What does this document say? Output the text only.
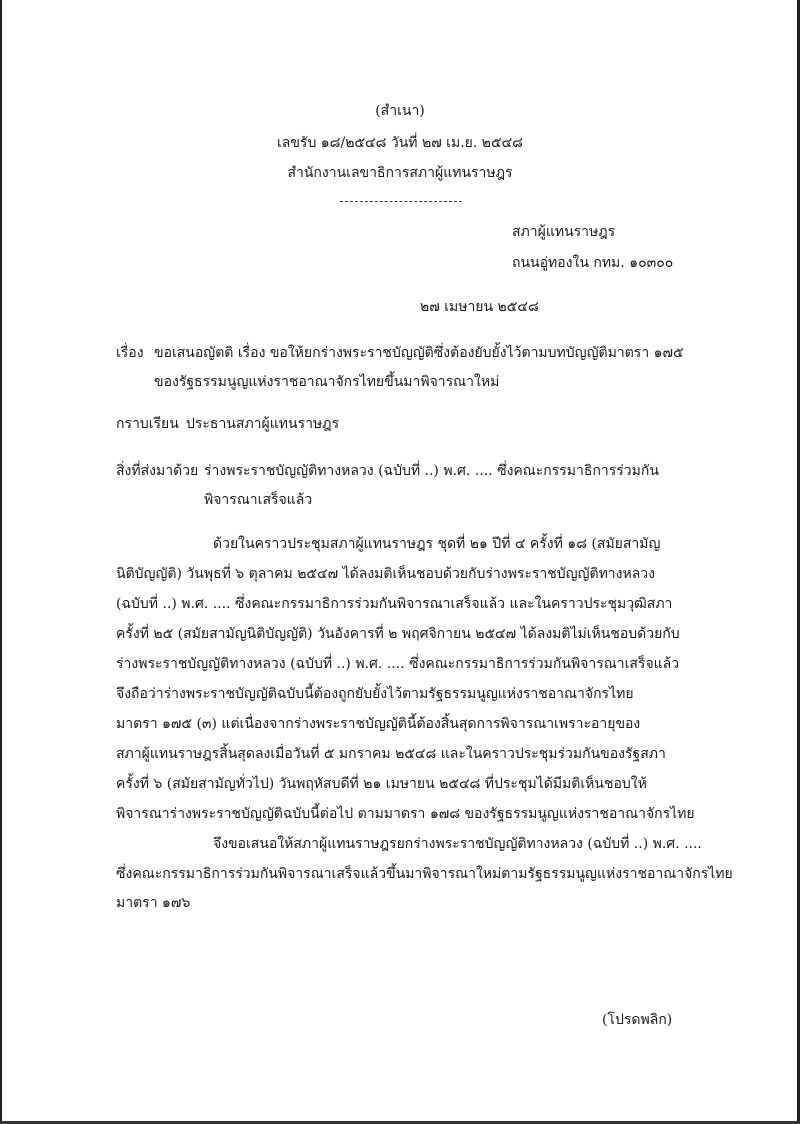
(สำเนา)
เลขรับ ๑๘/๒๕๔๘ วันที่ ๒๗ เม.ย. ๒๕๔๘
สำนักงานเลขาธิการสภาผู้แทนราษฎร
สภาผู้แทนราษฎร
ถนนอู่ทองใน กทม. ๑๐๓๐๐
๒๗ เมษายน ๒๕๔๘
เรื่อง ขอเสนอญัตติ เรื่อง ขอให้ยกร่างพระราชบัญญัติซึ่งต้องยับยั้งไว้ตามบทบัญญัติมาตรา ๑๗๕
ของรัฐธรรมนูญแห่งราชอาณาจักรไทยขึ้นมาพิจารณาใหม่
กราบเรียน ประธานสภาผู้แทนราษฎร
สิ่งที่ส่งมาด้วย ร่างพระราชบัญญัติทางหลวง (ฉบับที่ ..) พ.ศ. .... ซึ่งคณะกรรมาธิการร่วมกัน
พิจารณาเสร็จแล้ว
ด้วยในคราวประชุมสภาผู้แทนราษฎร ชุดที่ ๒๑ ปีที่ ๔ ครั้งที่ ๑๘ (สมัยสามัญ
นิติบัญญัติ) วันพุธที่ ๖ ตุลาคม ๒๕๔๗ ได้ลงมติเห็นชอบด้วยกับร่างพระราชบัญญัติทางหลวง
(ฉบับที่ ..) พ.ศ. .... ซึ่งคณะกรรมาธิการร่วมกันพิจารณาเสร็จแล้ว และในคราวประชุมวุฒิสภา
ครั้งที่ ๒๕ (สมัยสามัญนิติบัญญัติ) วันอังคารที่ ๒ พฤศจิกายน ๒๕๔๗ ได้ลงมติไม่เห็นชอบด้วยกับ
ร่างพระราชบัญญัติทางหลวง (ฉบับที่ ..) พ.ศ. .... ซึ่งคณะกรรมาธิการร่วมกันพิจารณาเสร็จแล้ว
จึงถือว่าร่างพระราชบัญญัติฉบับนี้ต้องถูกยับยั้งไว้ตามรัฐธรรมนูญแห่งราชอาณาจักรไทย
มาตรา ๑๗๕ (๓) แต่เนื่องจากร่างพระราชบัญญัตินี้ต้องสิ้นสุดการพิจารณาเพราะอายุของ
สภาผู้แทนราษฎรสิ้นสุดลงเมื่อวันที่ ๕ มกราคม ๒๕๔๘ และในคราวประชุมร่วมกันของรัฐสภา
ครั้งที่ ๖ (สมัยสามัญทั่วไป) วันพฤหัสบดีที่ ๒๑ เมษายน ๒๕๔๘ ที่ประชุมได้มีมติเห็นชอบให้
พิจารณาร่างพระราชบัญญัติฉบับนี้ต่อไป ตามมาตรา ๑๗๘ ของรัฐธรรมนูญแห่งราชอาณาจักรไทย
จึงขอเสนอให้สภาผู้แทนราษฎรยกร่างพระราชบัญญัติทางหลวง (ฉบับที่ ..) พ.ศ. ....
ซึ่งคณะกรรมาธิการร่วมกันพิจารณาเสร็จแล้วขึ้นมาพิจารณาใหม่ตามรัฐธรรมนูญแห่งราชอาณาจักรไทย
มาตรา ๑๗๖
(โปรดพลิก)
